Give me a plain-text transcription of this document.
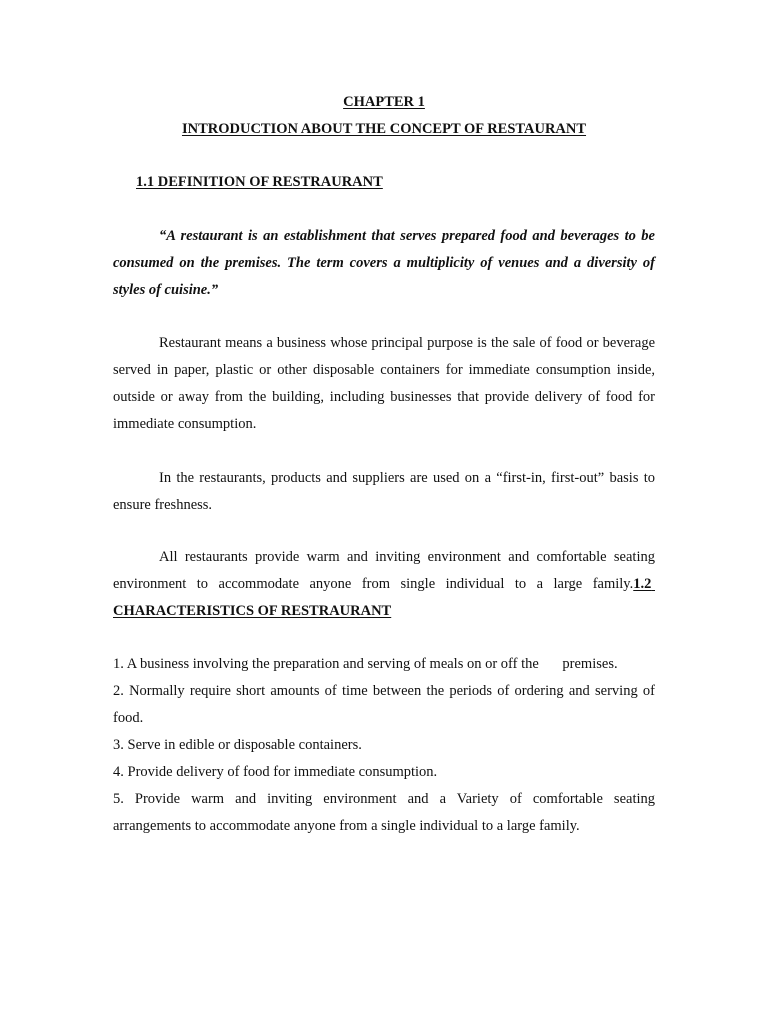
CHAPTER 1

INTRODUCTION ABOUT THE CONCEPT OF RESTAURANT

1.1 DEFINITION OF RESTRAURANT

“A restaurant is an establishment that serves prepared food and beverages to be consumed on the premises. The term covers a multiplicity of venues and a diversity of styles of cuisine.”

Restaurant means a business whose principal purpose is the sale of food or beverage served in paper, plastic or other disposable containers for immediate consumption inside, outside or away from the building, including businesses that provide delivery of food for immediate consumption.

In the restaurants, products and suppliers are used on a “first-in, first-out” basis to ensure freshness.

All restaurants provide warm and inviting environment and comfortable seating environment to accommodate anyone from single individual to a large family.1.2  CHARACTERISTICS OF RESTRAURANT

1. A business involving the preparation and serving of meals on or off the premises.

2. Normally require short amounts of time between the periods of ordering and serving of food.

3. Serve in edible or disposable containers.

4. Provide delivery of food for immediate consumption.

5. Provide warm and inviting environment and a Variety of comfortable seating arrangements to accommodate anyone from a single individual to a large family.
